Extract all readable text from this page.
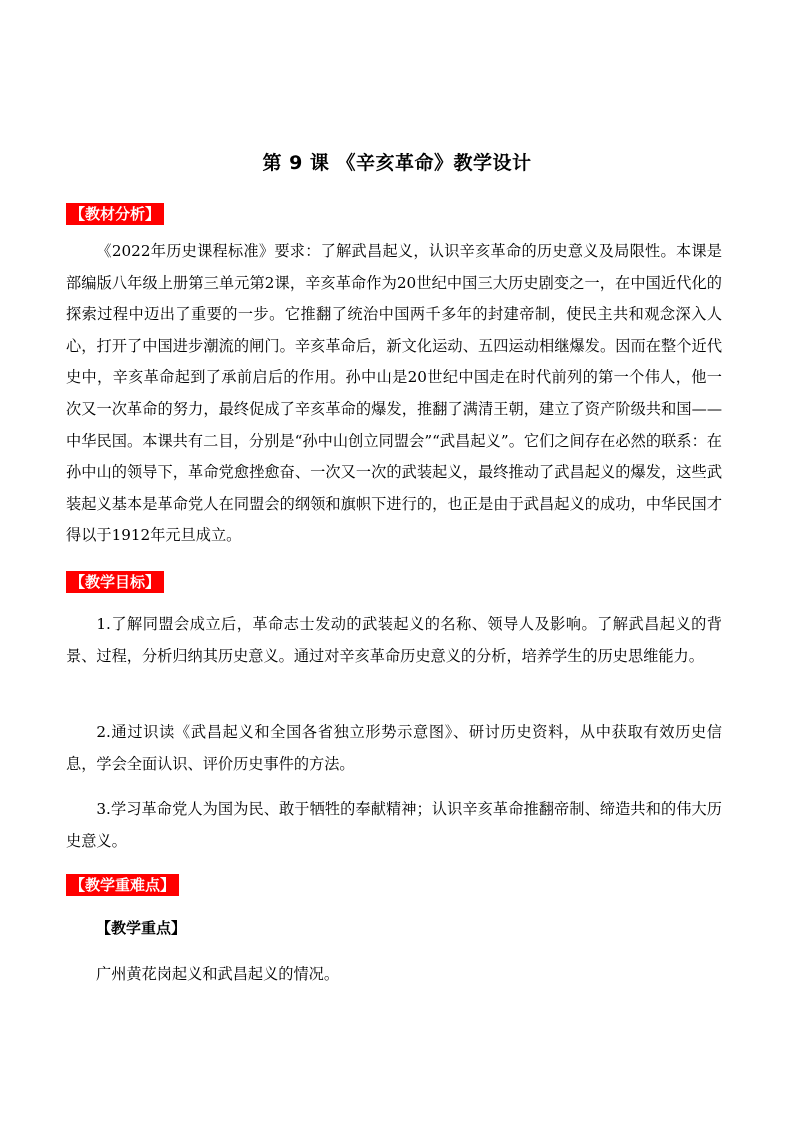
第 9 课 《辛亥革命》教学设计
【教材分析】

《2022年历史课程标准》要求：了解武昌起义，认识辛亥革命的历史意义及局限性。本课是部编版八年级上册第三单元第2课，辛亥革命作为20世纪中国三大历史剧变之一，在中国近代化的探索过程中迈出了重要的一步。它推翻了统治中国两千多年的封建帝制，使民主共和观念深入人心，打开了中国进步潮流的闸门。辛亥革命后，新文化运动、五四运动相继爆发。因而在整个近代史中，辛亥革命起到了承前启后的作用。孙中山是20世纪中国走在时代前列的第一个伟人，他一次又一次革命的努力，最终促成了辛亥革命的爆发，推翻了满清王朝，建立了资产阶级共和国——中华民国。本课共有二目，分别是“孙中山创立同盟会”“武昌起义”。它们之间存在必然的联系：在孙中山的领导下，革命党愈挫愈奋、一次又一次的武装起义，最终推动了武昌起义的爆发，这些武装起义基本是革命党人在同盟会的纲领和旗帜下进行的，也正是由于武昌起义的成功，中华民国才得以于1912年元旦成立。

【教学目标】

1.了解同盟会成立后，革命志士发动的武装起义的名称、领导人及影响。了解武昌起义的背景、过程，分析归纳其历史意义。通过对辛亥革命历史意义的分析，培养学生的历史思维能力。

2.通过识读《武昌起义和全国各省独立形势示意图》、研讨历史资料，从中获取有效历史信息，学会全面认识、评价历史事件的方法。

3.学习革命党人为国为民、敢于牺牲的奉献精神；认识辛亥革命推翻帝制、缔造共和的伟大历史意义。

【教学重难点】
【教学重点】
广州黄花岗起义和武昌起义的情况。
